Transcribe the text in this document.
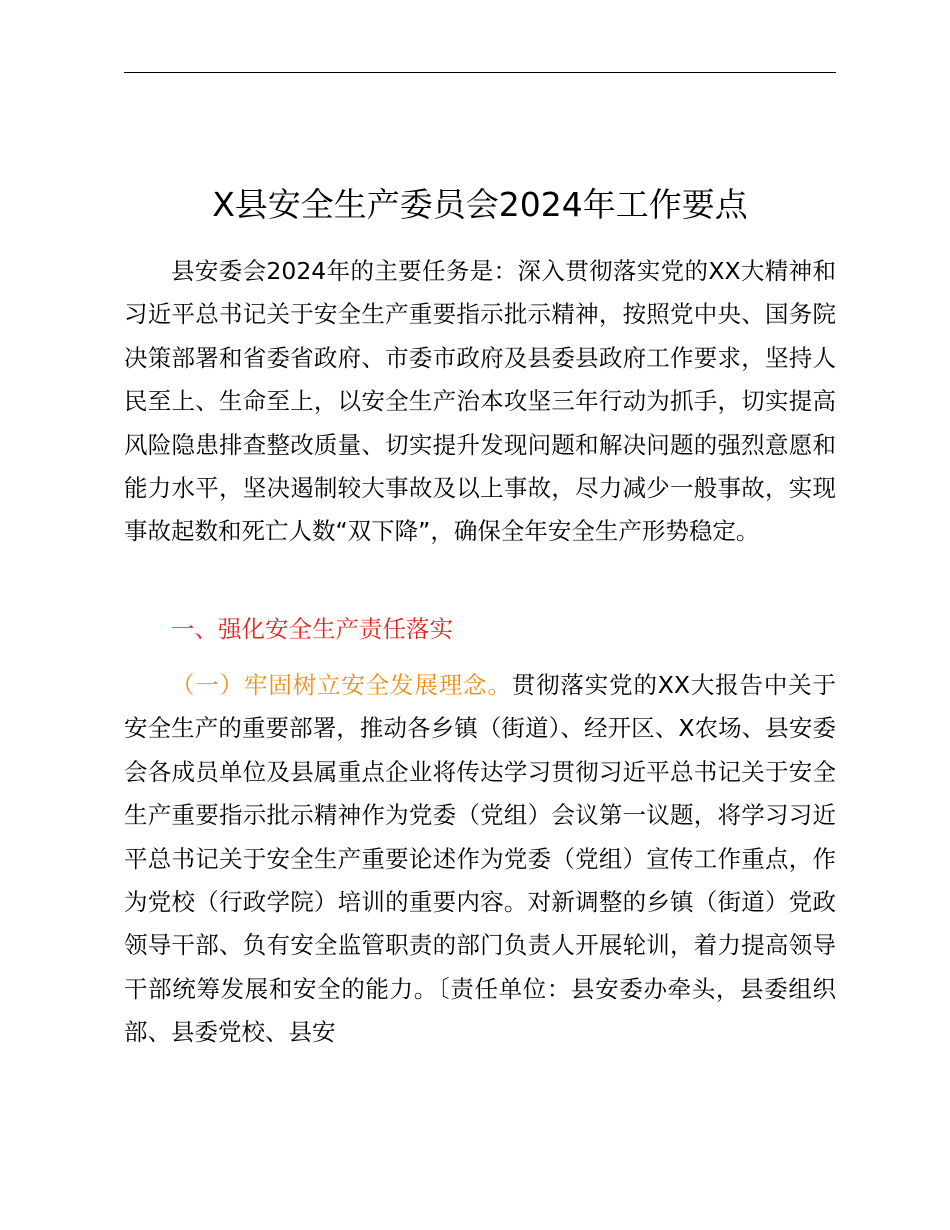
X县安全生产委员会2024年工作要点

县安委会2024年的主要任务是：深入贯彻落实党的XX大精神和习近平总书记关于安全生产重要指示批示精神，按照党中央、国务院决策部署和省委省政府、市委市政府及县委县政府工作要求，坚持人民至上、生命至上，以安全生产治本攻坚三年行动为抓手，切实提高风险隐患排查整改质量、切实提升发现问题和解决问题的强烈意愿和能力水平，坚决遏制较大事故及以上事故，尽力减少一般事故，实现事故起数和死亡人数“双下降”，确保全年安全生产形势稳定。

一、强化安全生产责任落实

（一）牢固树立安全发展理念。贯彻落实党的XX大报告中关于安全生产的重要部署，推动各乡镇（街道）、经开区、X农场、县安委会各成员单位及县属重点企业将传达学习贯彻习近平总书记关于安全生产重要指示批示精神作为党委（党组）会议第一议题，将学习习近平总书记关于安全生产重要论述作为党委（党组）宣传工作重点，作为党校（行政学院）培训的重要内容。对新调整的乡镇（街道）党政领导干部、负有安全监管职责的部门负责人开展轮训，着力提高领导干部统筹发展和安全的能力。〔责任单位：县安委办牵头，县委组织部、县委党校、县安
